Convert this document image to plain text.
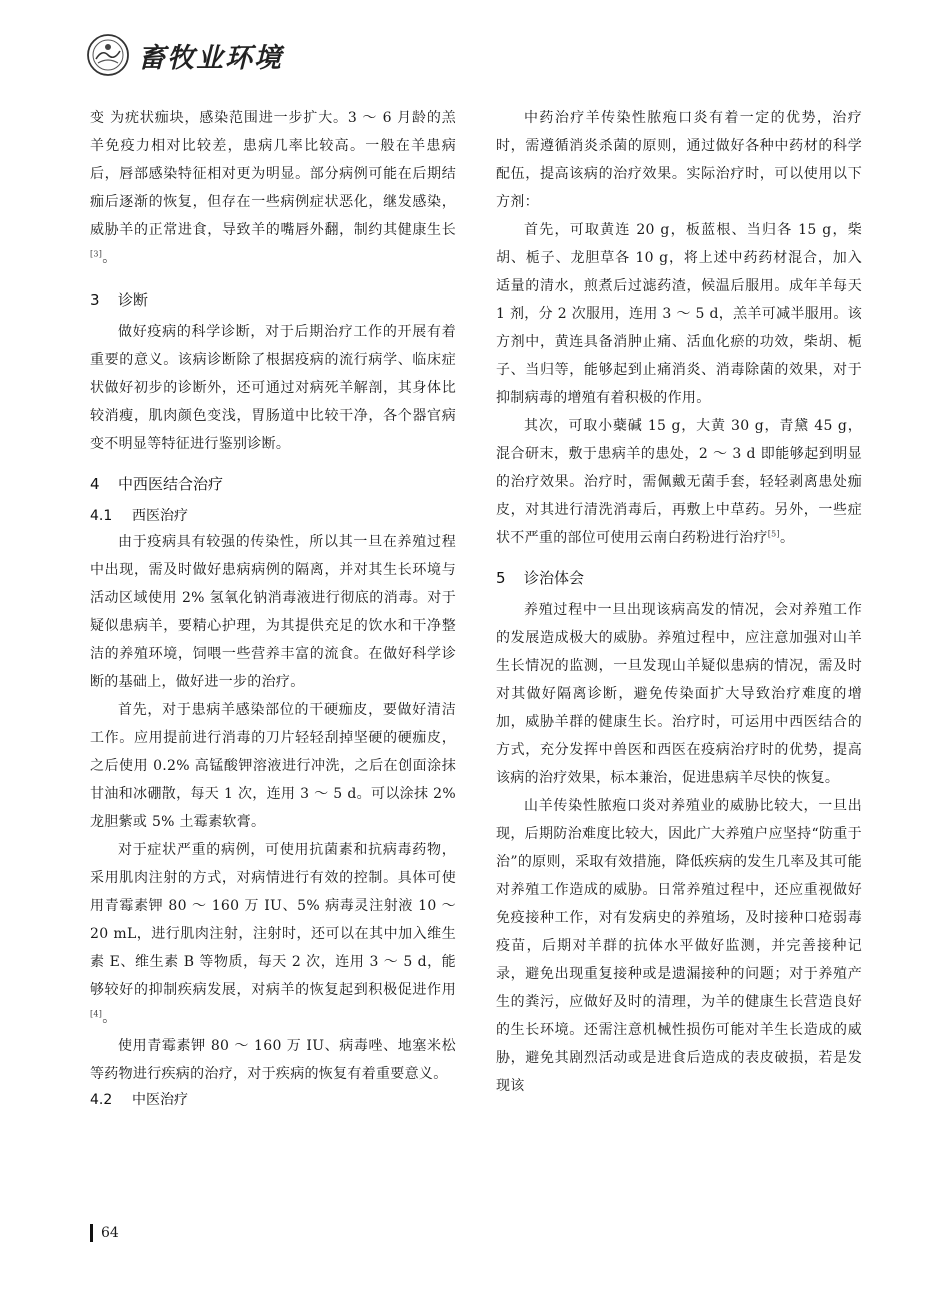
畜牧业环境

变 为疣状痂块，感染范围进一步扩大。3 ～ 6 月龄的羔羊免疫力相对比较差，患病几率比较高。一般在羊患病后，唇部感染特征相对更为明显。部分病例可能在后期结痂后逐渐的恢复，但存在一些病例症状恶化，继发感染，威胁羊的正常进食，导致羊的嘴唇外翻，制约其健康生长[3]。

3 诊断

做好疫病的科学诊断，对于后期治疗工作的开展有着重要的意义。该病诊断除了根据疫病的流行病学、临床症状做好初步的诊断外，还可通过对病死羊解剖，其身体比较消瘦，肌肉颜色变浅，胃肠道中比较干净，各个器官病变不明显等特征进行鉴别诊断。

4 中西医结合治疗
4.1 西医治疗

由于疫病具有较强的传染性，所以其一旦在养殖过程中出现，需及时做好患病病例的隔离，并对其生长环境与活动区域使用 2% 氢氧化钠消毒液进行彻底的消毒。对于疑似患病羊，要精心护理，为其提供充足的饮水和干净整洁的养殖环境，饲喂一些营养丰富的流食。在做好科学诊断的基础上，做好进一步的治疗。

首先，对于患病羊感染部位的干硬痂皮，要做好清洁工作。应用提前进行消毒的刀片轻轻刮掉坚硬的硬痂皮，之后使用 0.2% 高锰酸钾溶液进行冲洗，之后在创面涂抹甘油和冰硼散，每天 1 次，连用 3 ～ 5 d。可以涂抹 2% 龙胆紫或 5% 土霉素软膏。

对于症状严重的病例，可使用抗菌素和抗病毒药物，采用肌肉注射的方式，对病情进行有效的控制。具体可使用青霉素钾 80 ～ 160 万 IU、5% 病毒灵注射液 10 ～ 20 mL，进行肌肉注射，注射时，还可以在其中加入维生素 E、维生素 B 等物质，每天 2 次，连用 3 ～ 5 d，能够较好的抑制疾病发展，对病羊的恢复起到积极促进作用[4]。

使用青霉素钾 80 ～ 160 万 IU、病毒唑、地塞米松等药物进行疾病的治疗，对于疾病的恢复有着重要意义。

4.2 中医治疗

中药治疗羊传染性脓疱口炎有着一定的优势，治疗时，需遵循消炎杀菌的原则，通过做好各种中药材的科学配伍，提高该病的治疗效果。实际治疗时，可以使用以下方剂：

首先，可取黄连 20 g，板蓝根、当归各 15 g，柴胡、栀子、龙胆草各 10 g，将上述中药药材混合，加入适量的清水，煎煮后过滤药渣，候温后服用。成年羊每天 1 剂，分 2 次服用，连用 3 ～ 5 d，羔羊可减半服用。该方剂中，黄连具备消肿止痛、活血化瘀的功效，柴胡、栀子、当归等，能够起到止痛消炎、消毒除菌的效果，对于抑制病毒的增殖有着积极的作用。

其次，可取小蘗碱 15 g，大黄 30 g，青黛 45 g，混合研末，敷于患病羊的患处，2 ～ 3 d 即能够起到明显的治疗效果。治疗时，需佩戴无菌手套，轻轻剥离患处痂皮，对其进行清洗消毒后，再敷上中草药。另外，一些症状不严重的部位可使用云南白药粉进行治疗[5]。

5 诊治体会

养殖过程中一旦出现该病高发的情况，会对养殖工作的发展造成极大的威胁。养殖过程中，应注意加强对山羊生长情况的监测，一旦发现山羊疑似患病的情况，需及时对其做好隔离诊断，避免传染面扩大导致治疗难度的增加，威胁羊群的健康生长。治疗时，可运用中西医结合的方式，充分发挥中兽医和西医在疫病治疗时的优势，提高该病的治疗效果，标本兼治，促进患病羊尽快的恢复。

山羊传染性脓疱口炎对养殖业的威胁比较大，一旦出现，后期防治难度比较大，因此广大养殖户应坚持“防重于治”的原则，采取有效措施，降低疾病的发生几率及其可能对养殖工作造成的威胁。日常养殖过程中，还应重视做好免疫接种工作，对有发病史的养殖场，及时接种口疮弱毒疫苗，后期对羊群的抗体水平做好监测，并完善接种记录，避免出现重复接种或是遗漏接种的问题；对于养殖产生的粪污，应做好及时的清理，为羊的健康生长营造良好的生长环境。还需注意机械性损伤可能对羊生长造成的威胁，避免其剧烈活动或是进食后造成的表皮破损，若是发现该

64
